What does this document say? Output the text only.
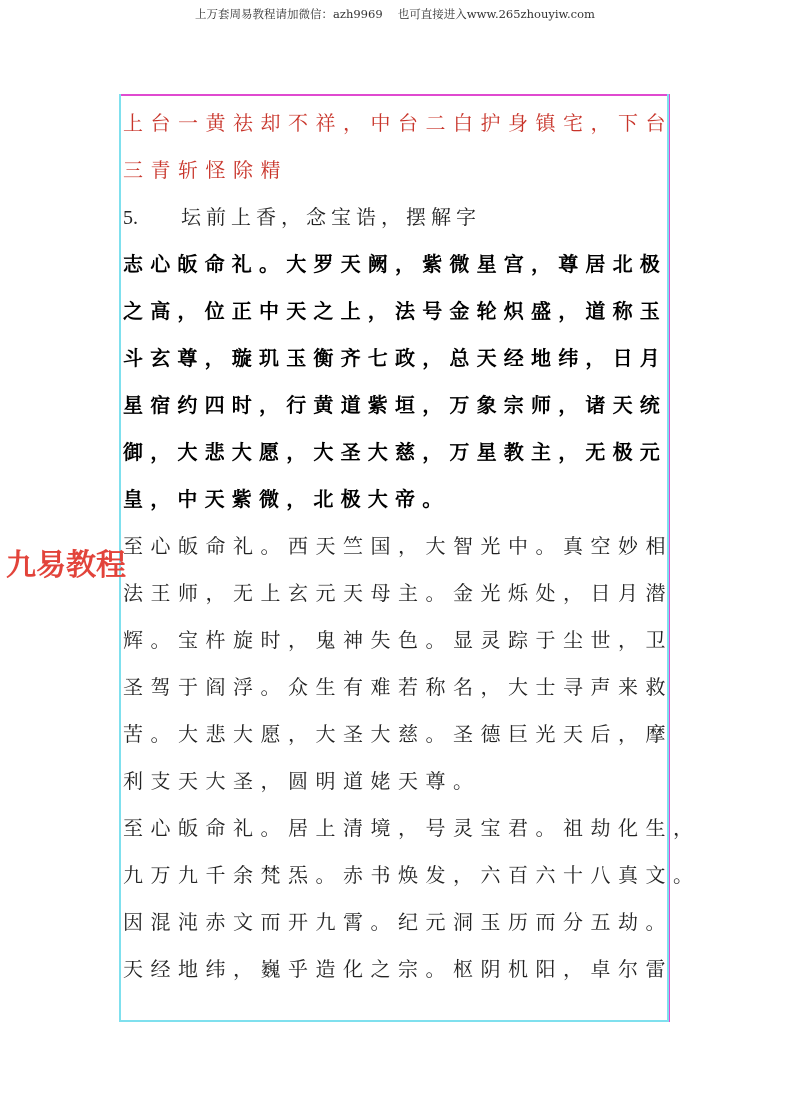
上万套周易教程请加微信：azh9969　 也可直接进入www.265zhouyiw.com
上台一黄祛却不祥，中台二白护身镇宅，下台
三青斩怪除精
5. 坛前上香，念宝诰，摆解字
志心皈命礼。大罗天阙，紫微星宫，尊居北极
之高，位正中天之上，法号金轮炽盛，道称玉
斗玄尊，璇玑玉衡齐七政，总天经地纬，日月
星宿约四时，行黄道紫垣，万象宗师，诸天统
御，大悲大愿，大圣大慈，万星教主，无极元
皇，中天紫微，北极大帝。
至心皈命礼。西天竺国，大智光中。真空妙相
法王师，无上玄元天母主。金光烁处，日月潜
辉。宝杵旋时，鬼神失色。显灵踪于尘世，卫
圣驾于阎浮。众生有难若称名，大士寻声来救
苦。大悲大愿，大圣大慈。圣德巨光天后，摩
利支天大圣，圆明道姥天尊。
至心皈命礼。居上清境，号灵宝君。祖劫化生，
九万九千余梵炁。赤书焕发，六百六十八真文。
因混沌赤文而开九霄。纪元洞玉历而分五劫。
天经地纬，巍乎造化之宗。枢阴机阳，卓尔雷
九易教程
